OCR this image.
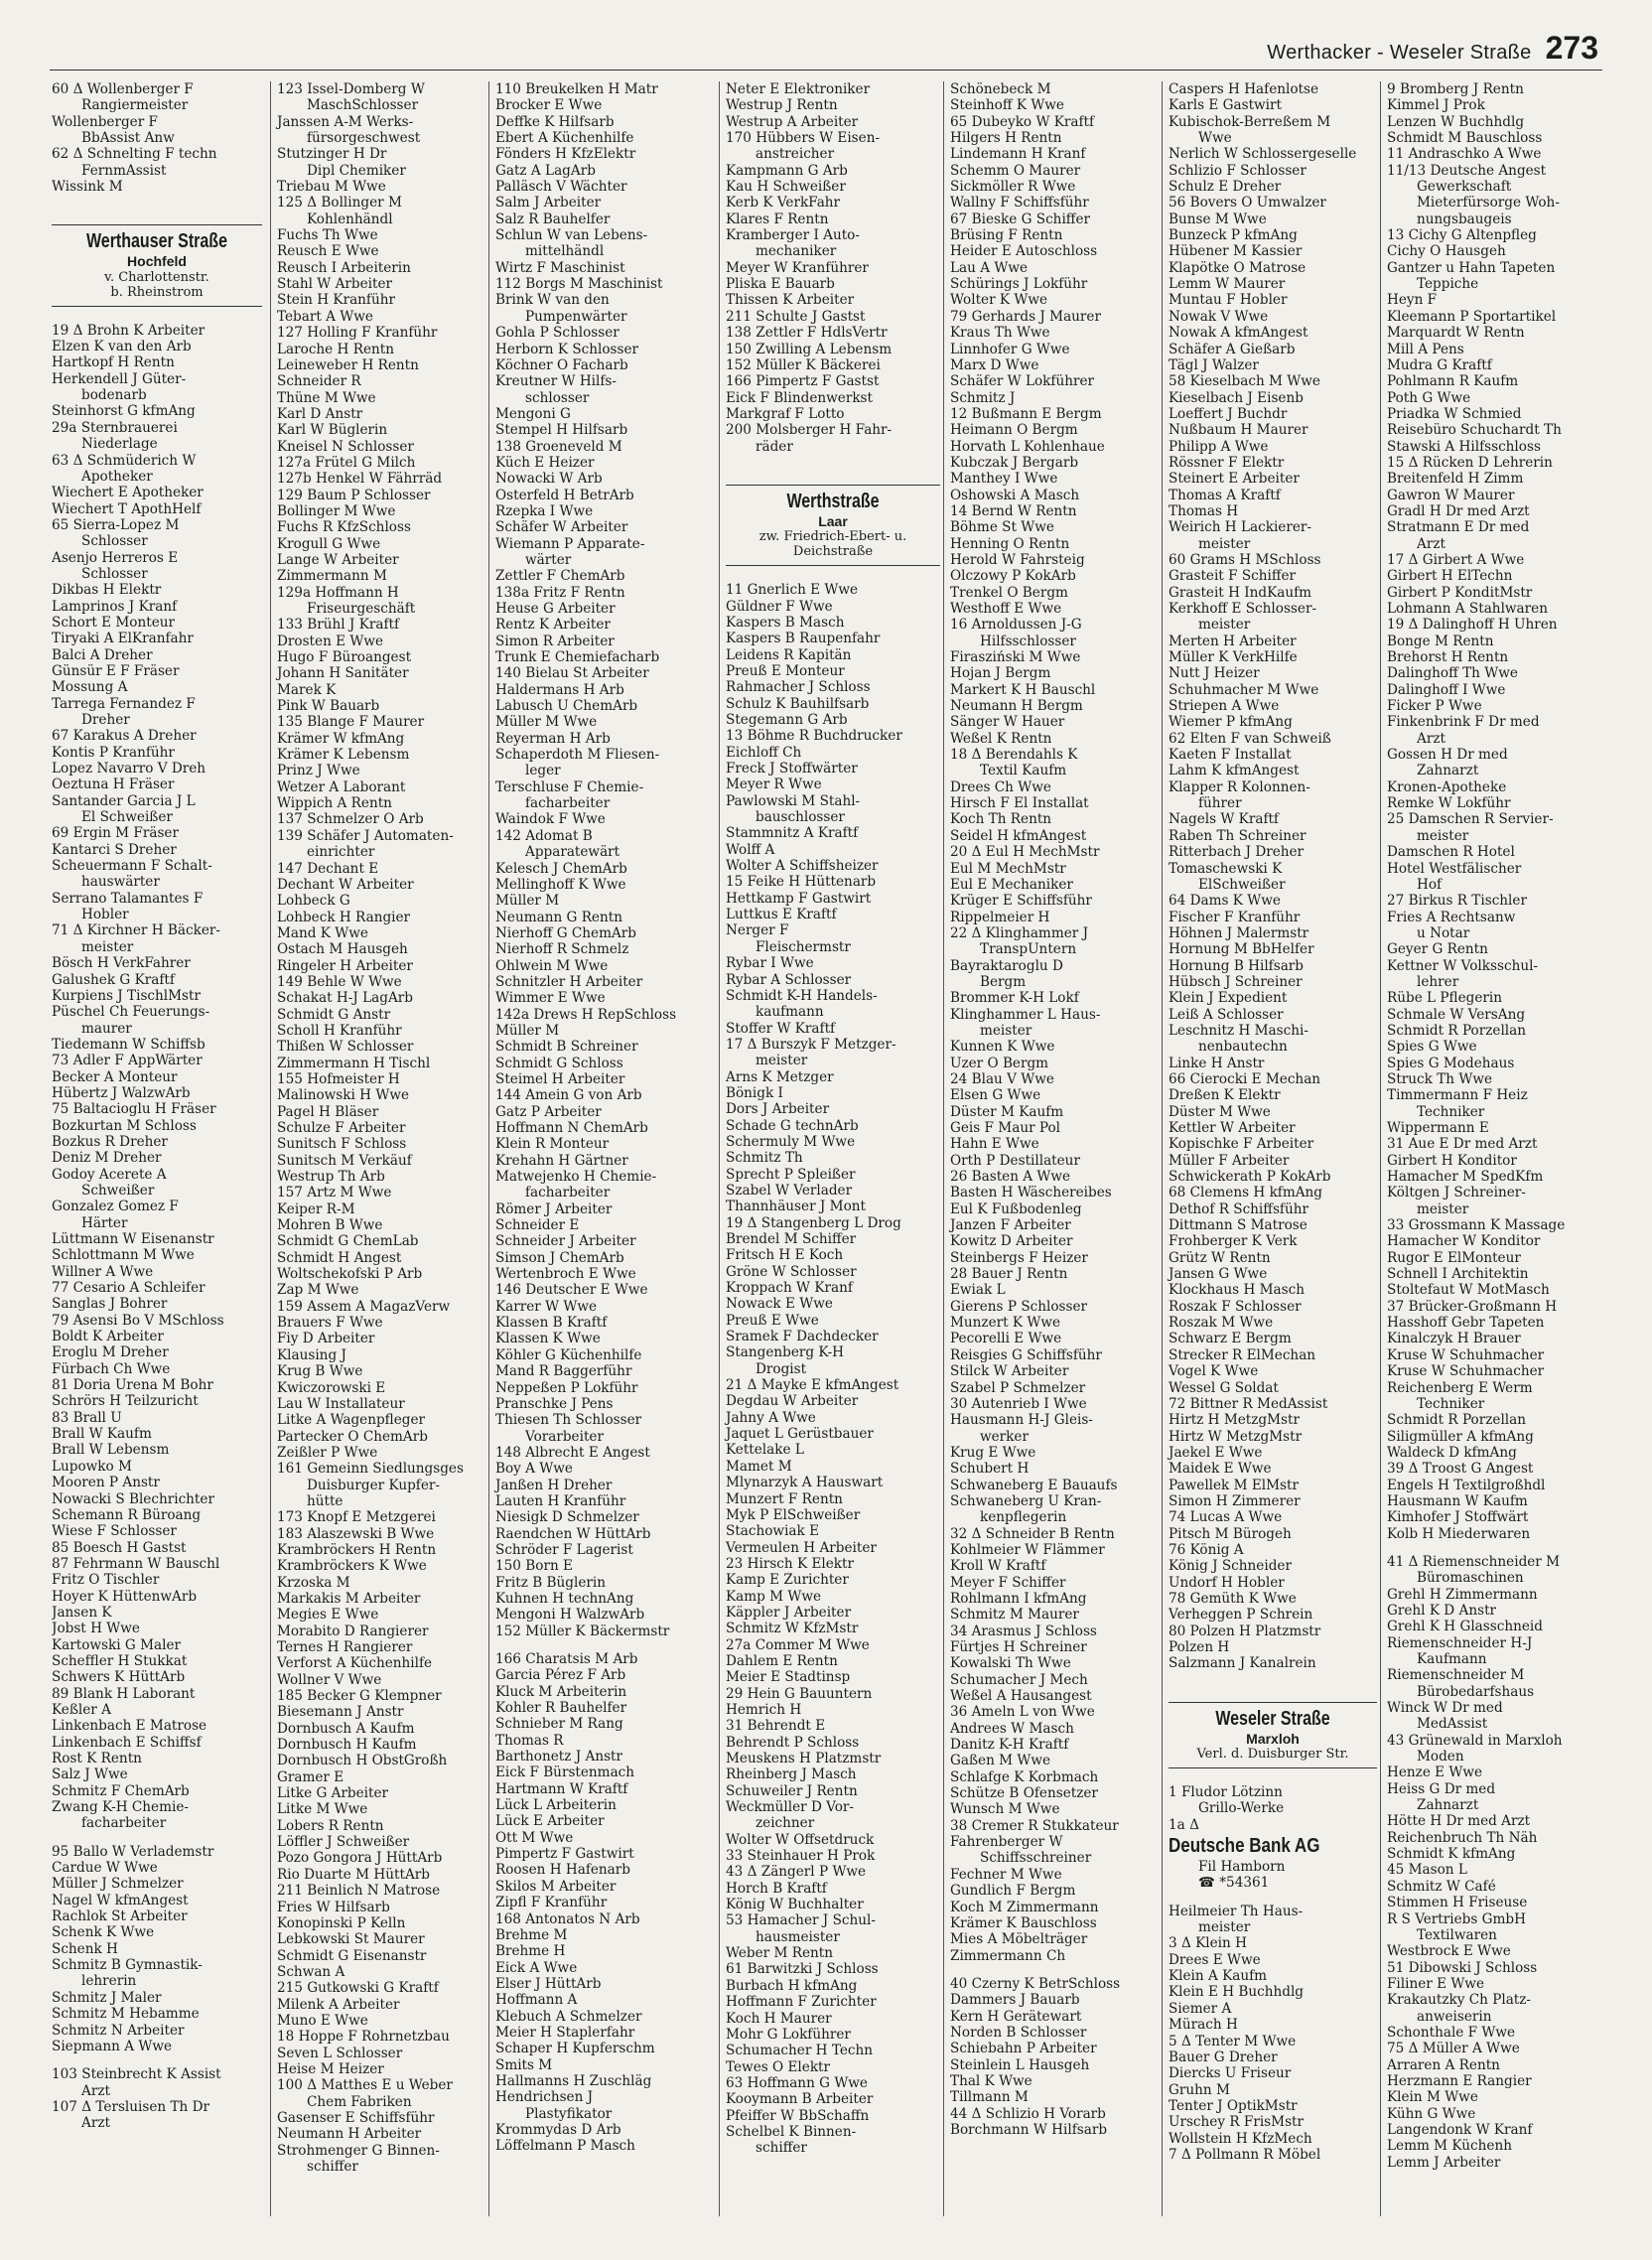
Werthacker - Weseler Straße 273
60 Δ Wollenberger F
Rangiermeister
Wollenberger F
BbAssist Anw
62 Δ Schnelting F techn
FernmAssist
Wissink M
Werthauser Straße
Hochfeld
v. Charlottenstr.
b. Rheinstrom
19 Δ Brohn K Arbeiter
Elzen K van den Arb
Hartkopf H Rentn
Herkendell J Güter-
bodenarb
Steinhorst G kfmAng
29a Sternbrauerei
Niederlage
63 Δ Schmüderich W
Apotheker
Wiechert E Apotheker
Wiechert T ApothHelf
65 Sierra-Lopez M
Schlosser
Asenjo Herreros E
Schlosser
Dikbas H Elektr
Lamprinos J Kranf
Schort E Monteur
Tiryaki A ElKranfahr
Balci A Dreher
Günsür E F Fräser
Mossung A
Tarrega Fernandez F
Dreher
67 Karakus A Dreher
Kontis P Kranführ
Lopez Navarro V Dreh
Oeztuna H Fräser
Santander Garcia J L
El Schweißer
69 Ergin M Fräser
Kantarci S Dreher
Scheuermann F Schalt-
hauswärter
Serrano Talamantes F
Hobler
71 Δ Kirchner H Bäcker-
meister
Bösch H VerkFahrer
Galushek G Kraftf
Kurpiens J TischlMstr
Püschel Ch Feuerungs-
maurer
Tiedemann W Schiffsb
73 Adler F AppWärter
Becker A Monteur
Hübertz J WalzwArb
75 Baltacioglu H Fräser
Bozkurtan M Schloss
Bozkus R Dreher
Deniz M Dreher
Godoy Acerete A
Schweißer
Gonzalez Gomez F
Härter
Lüttmann W Eisenanstr
Schlottmann M Wwe
Willner A Wwe
77 Cesario A Schleifer
Sanglas J Bohrer
79 Asensi Bo V MSchloss
Boldt K Arbeiter
Eroglu M Dreher
Fürbach Ch Wwe
81 Doria Urena M Bohr
Schrörs H Teilzuricht
83 Brall U
Brall W Kaufm
Brall W Lebensm
Lupowko M
Mooren P Anstr
Nowacki S Blechrichter
Schemann R Büroang
Wiese F Schlosser
85 Boesch H Gastst
87 Fehrmann W Bauschl
Fritz O Tischler
Hoyer K HüttenwArb
Jansen K
Jobst H Wwe
Kartowski G Maler
Scheffler H Stukkat
Schwers K HüttArb
89 Blank H Laborant
Keßler A
Linkenbach E Matrose
Linkenbach E Schiffsf
Rost K Rentn
Salz J Wwe
Schmitz F ChemArb
Zwang K-H Chemie-
facharbeiter
95 Ballo W Verlademstr
Cardue W Wwe
Müller J Schmelzer
Nagel W kfmAngest
Rachlok St Arbeiter
Schenk K Wwe
Schenk H
Schmitz B Gymnastik-
lehrerin
Schmitz J Maler
Schmitz M Hebamme
Schmitz N Arbeiter
Siepmann A Wwe
103 Steinbrecht K Assist
Arzt
107 Δ Tersluisen Th Dr
Arzt
123 Issel-Domberg W
MaschSchlosser
Janssen A-M Werks-
fürsorgeschwest
Stutzinger H Dr
Dipl Chemiker
Triebau M Wwe
125 Δ Bollinger M
Kohlenhändl
Fuchs Th Wwe
Reusch E Wwe
Reusch I Arbeiterin
Stahl W Arbeiter
Stein H Kranführ
Tebart A Wwe
127 Holling F Kranführ
Laroche H Rentn
Leineweber H Rentn
Schneider R
Thüne M Wwe
Karl D Anstr
Karl W Büglerin
Kneisel N Schlosser
127a Frütel G Milch
127b Henkel W Fährräd
129 Baum P Schlosser
Bollinger M Wwe
Fuchs R KfzSchloss
Krogull G Wwe
Lange W Arbeiter
Zimmermann M
129a Hoffmann H
Friseurgeschäft
133 Brühl J Kraftf
Drosten E Wwe
Hugo F Büroangest
Johann H Sanitäter
Marek K
Pink W Bauarb
135 Blange F Maurer
Krämer W kfmAng
Krämer K Lebensm
Prinz J Wwe
Wetzer A Laborant
Wippich A Rentn
137 Schmelzer O Arb
139 Schäfer J Automaten-
einrichter
147 Dechant E
Dechant W Arbeiter
Lohbeck G
Lohbeck H Rangier
Mand K Wwe
Ostach M Hausgeh
Ringeler H Arbeiter
149 Behle W Wwe
Schakat H-J LagArb
Schmidt G Anstr
Scholl H Kranführ
Thißen W Schlosser
Zimmermann H Tischl
155 Hofmeister H
Malinowski H Wwe
Pagel H Bläser
Schulze F Arbeiter
Sunitsch F Schloss
Sunitsch M Verkäuf
Westrup Th Arb
157 Artz M Wwe
Keiper R-M
Mohren B Wwe
Schmidt G ChemLab
Schmidt H Angest
Woltschekofski P Arb
Zap M Wwe
159 Assem A MagazVerw
Brauers F Wwe
Fiy D Arbeiter
Klausing J
Krug B Wwe
Kwiczorowski E
Lau W Installateur
Litke A Wagenpfleger
Partecker O ChemArb
Zeißler P Wwe
161 Gemeinn Siedlungsges
Duisburger Kupfer-
hütte
173 Knopf E Metzgerei
183 Alaszewski B Wwe
Krambröckers H Rentn
Krambröckers K Wwe
Krzoska M
Markakis M Arbeiter
Megies E Wwe
Morabito D Rangierer
Ternes H Rangierer
Verforst A Küchenhilfe
Wollner V Wwe
185 Becker G Klempner
Biesemann J Anstr
Dornbusch A Kaufm
Dornbusch H Kaufm
Dornbusch H ObstGroßh
Gramer E
Litke G Arbeiter
Litke M Wwe
Lobers R Rentn
Löffler J Schweißer
Pozo Gongora J HüttArb
Rio Duarte M HüttArb
211 Beinlich N Matrose
Fries W Hilfsarb
Konopinski P Kelln
Lebkowski St Maurer
Schmidt G Eisenanstr
Schwan A
215 Gutkowski G Kraftf
Milenk A Arbeiter
Muno E Wwe
18 Hoppe F Rohrnetzbau
Seven L Schlosser
Heise M Heizer
100 Δ Matthes E u Weber
Chem Fabriken
Gasenser E Schiffsführ
Neumann H Arbeiter
Strohmenger G Binnen-
schiffer
110 Breukelken H Matr
Brocker E Wwe
Deffke K Hilfsarb
Ebert A Küchenhilfe
Fönders H KfzElektr
Gatz A LagArb
Palläsch V Wächter
Salm J Arbeiter
Salz R Bauhelfer
Schlun W van Lebens-
mittelhändl
Wirtz F Maschinist
112 Borgs M Maschinist
Brink W van den
Pumpenwärter
Gohla P Schlosser
Herborn K Schlosser
Köchner O Facharb
Kreutner W Hilfs-
schlosser
Mengoni G
Stempel H Hilfsarb
138 Groeneveld M
Küch E Heizer
Nowacki W Arb
Osterfeld H BetrArb
Rzepka I Wwe
Schäfer W Arbeiter
Wiemann P Apparate-
wärter
Zettler F ChemArb
138a Fritz F Rentn
Heuse G Arbeiter
Rentz K Arbeiter
Simon R Arbeiter
Trunk E Chemiefacharb
140 Bielau St Arbeiter
Haldermans H Arb
Labusch U ChemArb
Müller M Wwe
Reyerman H Arb
Schaperdoth M Fliesen-
leger
Terschluse F Chemie-
facharbeiter
Waindok F Wwe
142 Adomat B
Apparatewärt
Kelesch J ChemArb
Mellinghoff K Wwe
Müller M
Neumann G Rentn
Nierhoff G ChemArb
Nierhoff R Schmelz
Ohlwein M Wwe
Schnitzler H Arbeiter
Wimmer E Wwe
142a Drews H RepSchloss
Müller M
Schmidt B Schreiner
Schmidt G Schloss
Steimel H Arbeiter
144 Amein G von Arb
Gatz P Arbeiter
Hoffmann N ChemArb
Klein R Monteur
Krehahn H Gärtner
Matwejenko H Chemie-
facharbeiter
Römer J Arbeiter
Schneider E
Schneider J Arbeiter
Simson J ChemArb
Wertenbroch E Wwe
146 Deutscher E Wwe
Karrer W Wwe
Klassen B Kraftf
Klassen K Wwe
Köhler G Küchenhilfe
Mand R Baggerführ
Neppeßen P Lokführ
Pranschke J Pens
Thiesen Th Schlosser
Vorarbeiter
148 Albrecht E Angest
Boy A Wwe
Janßen H Dreher
Lauten H Kranführ
Niesigk D Schmelzer
Raendchen W HüttArb
Schröder F Lagerist
150 Born E
Fritz B Büglerin
Kuhnen H technAng
Mengoni H WalzwArb
152 Müller K Bäckermstr
166 Charatsis M Arb
Garcia Pérez F Arb
Kluck M Arbeiterin
Kohler R Bauhelfer
Schnieber M Rang
Thomas R
Barthonetz J Anstr
Eick F Bürstenmach
Hartmann W Kraftf
Lück L Arbeiterin
Lück E Arbeiter
Ott M Wwe
Pimpertz F Gastwirt
Roosen H Hafenarb
Skilos M Arbeiter
Zipfl F Kranführ
168 Antonatos N Arb
Brehme M
Brehme H
Eick A Wwe
Elser J HüttArb
Hoffmann A
Klebuch A Schmelzer
Meier H Staplerfahr
Schaper H Kupferschm
Smits M
Hallmanns H Zuschläg
Hendrichsen J
Plastyfikator
Krommydas D Arb
Löffelmann P Masch
Neter E Elektroniker
Westrup J Rentn
Westrup A Arbeiter
170 Hübbers W Eisen-
anstreicher
Kampmann G Arb
Kau H Schweißer
Kerb K VerkFahr
Klares F Rentn
Kramberger I Auto-
mechaniker
Meyer W Kranführer
Pliska E Bauarb
Thissen K Arbeiter
211 Schulte J Gastst
138 Zettler F HdlsVertr
150 Zwilling A Lebensm
152 Müller K Bäckerei
166 Pimpertz F Gastst
Eick F Blindenwerkst
Markgraf F Lotto
200 Molsberger H Fahr-
räder
Werthstraße
Laar
zw. Friedrich-Ebert- u.
Deichstraße
11 Gnerlich E Wwe
Güldner F Wwe
Kaspers B Masch
Kaspers B Raupenfahr
Leidens R Kapitän
Preuß E Monteur
Rahmacher J Schloss
Schulz K Bauhilfsarb
Stegemann G Arb
13 Böhme R Buchdrucker
Eichloff Ch
Freck J Stoffwärter
Meyer R Wwe
Pawlowski M Stahl-
bauschlosser
Stammnitz A Kraftf
Wolff A
Wolter A Schiffsheizer
15 Feike H Hüttenarb
Hettkamp F Gastwirt
Luttkus E Kraftf
Nerger F
Fleischermstr
Rybar I Wwe
Rybar A Schlosser
Schmidt K-H Handels-
kaufmann
Stoffer W Kraftf
17 Δ Burszyk F Metzger-
meister
Arns K Metzger
Bönigk I
Dors J Arbeiter
Schade G technArb
Schermuly M Wwe
Schmitz Th
Sprecht P Spleißer
Szabel W Verlader
Thannhäuser J Mont
19 Δ Stangenberg L Drog
Brendel M Schiffer
Fritsch H E Koch
Gröne W Schlosser
Kroppach W Kranf
Nowack E Wwe
Preuß E Wwe
Sramek F Dachdecker
Stangenberg K-H
Drogist
21 Δ Mayke E kfmAngest
Degdau W Arbeiter
Jahny A Wwe
Jaquet L Gerüstbauer
Kettelake L
Mamet M
Mlynarzyk A Hauswart
Munzert F Rentn
Myk P ElSchweißer
Stachowiak E
Vermeulen H Arbeiter
23 Hirsch K Elektr
Kamp E Zurichter
Kamp M Wwe
Käppler J Arbeiter
Schmitz W KfzMstr
27a Commer M Wwe
Dahlem E Rentn
Meier E Stadtinsp
29 Hein G Bauuntern
Hemrich H
31 Behrendt E
Behrendt P Schloss
Meuskens H Platzmstr
Rheinberg J Masch
Schuweiler J Rentn
Weckmüller D Vor-
zeichner
Wolter W Offsetdruck
33 Steinhauer H Prok
43 Δ Zängerl P Wwe
Horch B Kraftf
König W Buchhalter
53 Hamacher J Schul-
hausmeister
Weber M Rentn
61 Barwitzki J Schloss
Burbach H kfmAng
Hoffmann F Zurichter
Koch H Maurer
Mohr G Lokführer
Schumacher H Techn
Tewes O Elektr
63 Hoffmann G Wwe
Kooymann B Arbeiter
Pfeiffer W BbSchaffn
Schelbel K Binnen-
schiffer
Schönebeck M
Steinhoff K Wwe
65 Dubeyko W Kraftf
Hilgers H Rentn
Lindemann H Kranf
Schemm O Maurer
Sickmöller R Wwe
Wallny F Schiffsführ
67 Bieske G Schiffer
Brüsing F Rentn
Heider E Autoschloss
Lau A Wwe
Schürings J Lokführ
Wolter K Wwe
79 Gerhards J Maurer
Kraus Th Wwe
Linnhofer G Wwe
Marx D Wwe
Schäfer W Lokführer
Schmitz J
12 Bußmann E Bergm
Heimann O Bergm
Horvath L Kohlenhaue
Kubczak J Bergarb
Manthey I Wwe
Oshowski A Masch
14 Bernd W Rentn
Böhme St Wwe
Henning O Rentn
Herold W Fahrsteig
Olczowy P KokArb
Trenkel O Bergm
Westhoff E Wwe
16 Arnoldussen J-G
Hilfsschlosser
Firasziński M Wwe
Hojan J Bergm
Markert K H Bauschl
Neumann H Bergm
Sänger W Hauer
Weßel K Rentn
18 Δ Berendahls K
Textil Kaufm
Drees Ch Wwe
Hirsch F El Installat
Koch Th Rentn
Seidel H kfmAngest
20 Δ Eul H MechMstr
Eul M MechMstr
Eul E Mechaniker
Krüger E Schiffsführ
Rippelmeier H
22 Δ Klinghammer J
TranspUntern
Bayraktaroglu D
Bergm
Brommer K-H Lokf
Klinghammer L Haus-
meister
Kunnen K Wwe
Uzer O Bergm
24 Blau V Wwe
Elsen G Wwe
Düster M Kaufm
Geis F Maur Pol
Hahn E Wwe
Orth P Destillateur
26 Basten A Wwe
Basten H Wäschereibes
Eul K Fußbodenleg
Janzen F Arbeiter
Kowitz D Arbeiter
Steinbergs F Heizer
28 Bauer J Rentn
Ewiak L
Gierens P Schlosser
Munzert K Wwe
Pecorelli E Wwe
Reisgies G Schiffsführ
Stilck W Arbeiter
Szabel P Schmelzer
30 Autenrieb I Wwe
Hausmann H-J Gleis-
werker
Krug E Wwe
Schubert H
Schwaneberg E Bauaufs
Schwaneberg U Kran-
kenpflegerin
32 Δ Schneider B Rentn
Kohlmeier W Flämmer
Kroll W Kraftf
Meyer F Schiffer
Rohlmann I kfmAng
Schmitz M Maurer
34 Arasmus J Schloss
Fürtjes H Schreiner
Kowalski Th Wwe
Schumacher J Mech
Weßel A Hausangest
36 Ameln L von Wwe
Andrees W Masch
Danitz K-H Kraftf
Gaßen M Wwe
Schlafge K Korbmach
Schütze B Ofensetzer
Wunsch M Wwe
38 Cremer R Stukkateur
Fahrenberger W
Schiffsschreiner
Fechner M Wwe
Gundlich F Bergm
Koch M Zimmermann
Krämer K Bauschloss
Mies A Möbelträger
Zimmermann Ch
40 Czerny K BetrSchloss
Dammers J Bauarb
Kern H Gerätewart
Norden B Schlosser
Schiebahn P Arbeiter
Steinlein L Hausgeh
Thal K Wwe
Tillmann M
44 Δ Schlizio H Vorarb
Borchmann W Hilfsarb
Caspers H Hafenlotse
Karls E Gastwirt
Kubischok-Berreßem M
Wwe
Nerlich W Schlossergeselle
Schlizio F Schlosser
Schulz E Dreher
56 Bovers O Umwalzer
Bunse M Wwe
Bunzeck P kfmAng
Hübener M Kassier
Klapötke O Matrose
Lemm W Maurer
Muntau F Hobler
Nowak V Wwe
Nowak A kfmAngest
Schäfer A Gießarb
Tägl J Walzer
58 Kieselbach M Wwe
Kieselbach J Eisenb
Loeffert J Buchdr
Nußbaum H Maurer
Philipp A Wwe
Rössner F Elektr
Steinert E Arbeiter
Thomas A Kraftf
Thomas H
Weirich H Lackierer-
meister
60 Grams H MSchloss
Grasteit F Schiffer
Grasteit H IndKaufm
Kerkhoff E Schlosser-
meister
Merten H Arbeiter
Müller K VerkHilfe
Nutt J Heizer
Schuhmacher M Wwe
Striepen A Wwe
Wiemer P kfmAng
62 Elten F van Schweiß
Kaeten F Installat
Lahm K kfmAngest
Klapper R Kolonnen-
führer
Nagels W Kraftf
Raben Th Schreiner
Ritterbach J Dreher
Tomaschewski K
ElSchweißer
64 Dams K Wwe
Fischer F Kranführ
Höhnen J Malermstr
Hornung M BbHelfer
Hornung B Hilfsarb
Hübsch J Schreiner
Klein J Expedient
Leiß A Schlosser
Leschnitz H Maschi-
nenbautechn
Linke H Anstr
66 Cierocki E Mechan
Dreßen K Elektr
Düster M Wwe
Kettler W Arbeiter
Kopischke F Arbeiter
Müller F Arbeiter
Schwickerath P KokArb
68 Clemens H kfmAng
Dethof R Schiffsführ
Dittmann S Matrose
Frohberger K Verk
Grütz W Rentn
Jansen G Wwe
Klockhaus H Masch
Roszak F Schlosser
Roszak M Wwe
Schwarz E Bergm
Strecker R ElMechan
Vogel K Wwe
Wessel G Soldat
72 Bittner R MedAssist
Hirtz H MetzgMstr
Hirtz W MetzgMstr
Jaekel E Wwe
Maidek E Wwe
Pawellek M ElMstr
Simon H Zimmerer
74 Lucas A Wwe
Pitsch M Bürogeh
76 König A
König J Schneider
Undorf H Hobler
78 Gemüth K Wwe
Verheggen P Schrein
80 Polzen H Platzmstr
Polzen H
Salzmann J Kanalrein
Weseler Straße
Marxloh
Verl. d. Duisburger Str.
1 Fludor Lötzinn
Grillo-Werke
1a Δ
Deutsche Bank AG
Fil Hamborn
☎ *54361
Heilmeier Th Haus-
meister
3 Δ Klein H
Drees E Wwe
Klein A Kaufm
Klein E H Buchhdlg
Siemer A
Mürach H
5 Δ Tenter M Wwe
Bauer G Dreher
Diercks U Friseur
Gruhn M
Tenter J OptikMstr
Urschey R FrisMstr
Wollstein H KfzMech
7 Δ Pollmann R Möbel
9 Bromberg J Rentn
Kimmel J Prok
Lenzen W Buchhdlg
Schmidt M Bauschloss
11 Andraschko A Wwe
11/13 Deutsche Angest
Gewerkschaft
Mieterfürsorge Woh-
nungsbaugeis
13 Cichy G Altenpfleg
Cichy O Hausgeh
Gantzer u Hahn Tapeten
Teppiche
Heyn F
Kleemann P Sportartikel
Marquardt W Rentn
Mill A Pens
Mudra G Kraftf
Pohlmann R Kaufm
Poth G Wwe
Priadka W Schmied
Reisebüro Schuchardt Th
Stawski A Hilfsschloss
15 Δ Rücken D Lehrerin
Breitenfeld H Zimm
Gawron W Maurer
Gradl H Dr med Arzt
Stratmann E Dr med
Arzt
17 Δ Girbert A Wwe
Girbert H ElTechn
Girbert P KonditMstr
Lohmann A Stahlwaren
19 Δ Dalinghoff H Uhren
Bonge M Rentn
Brehorst H Rentn
Dalinghoff Th Wwe
Dalinghoff I Wwe
Ficker P Wwe
Finkenbrink F Dr med
Arzt
Gossen H Dr med
Zahnarzt
Kronen-Apotheke
Remke W Lokführ
25 Damschen R Servier-
meister
Damschen R Hotel
Hotel Westfälischer
Hof
27 Birkus R Tischler
Fries A Rechtsanw
u Notar
Geyer G Rentn
Kettner W Volksschul-
lehrer
Rübe L Pflegerin
Schmale W VersAng
Schmidt R Porzellan
Spies G Wwe
Spies G Modehaus
Struck Th Wwe
Timmermann F Heiz
Techniker
Wippermann E
31 Aue E Dr med Arzt
Girbert H Konditor
Hamacher M SpedKfm
Költgen J Schreiner-
meister
33 Grossmann K Massage
Hamacher W Konditor
Rugor E ElMonteur
Schnell I Architektin
Stoltefaut W MotMasch
37 Brücker-Großmann H
Hasshoff Gebr Tapeten
Kinalczyk H Brauer
Kruse W Schuhmacher
Kruse W Schuhmacher
Reichenberg E Werm
Techniker
Schmidt R Porzellan
Siligmüller A kfmAng
Waldeck D kfmAng
39 Δ Troost G Angest
Engels H Textilgroßhdl
Hausmann W Kaufm
Kimhofer J Stoffwärt
Kolb H Miederwaren
41 Δ Riemenschneider M
Büromaschinen
Grehl H Zimmermann
Grehl K D Anstr
Grehl K H Glasschneid
Riemenschneider H-J
Kaufmann
Riemenschneider M
Bürobedarfshaus
Winck W Dr med
MedAssist
43 Grünewald in Marxloh
Moden
Henze E Wwe
Heiss G Dr med
Zahnarzt
Hötte H Dr med Arzt
Reichenbruch Th Näh
Schmidt K kfmAng
45 Mason L
Schmitz W Café
Stimmen H Friseuse
R S Vertriebs GmbH
Textilwaren
Westbrock E Wwe
51 Dibowski J Schloss
Filiner E Wwe
Krakautzky Ch Platz-
anweiserin
Schonthale F Wwe
75 Δ Müller A Wwe
Arraren A Rentn
Herzmann E Rangier
Klein M Wwe
Kühn G Wwe
Langendonk W Kranf
Lemm M Küchenh
Lemm J Arbeiter
